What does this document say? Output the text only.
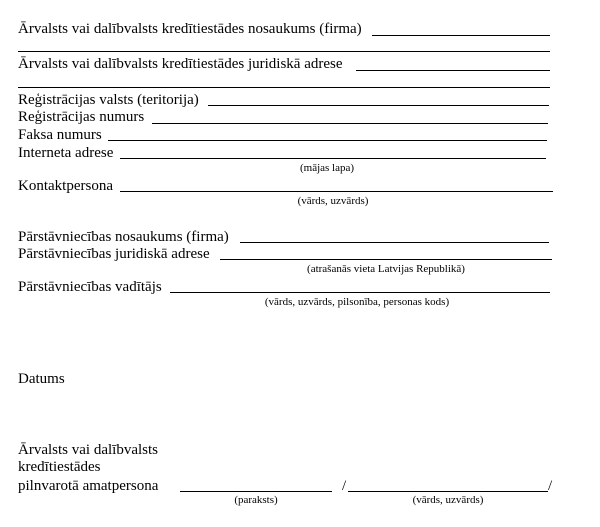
Ārvalsts vai dalībvalsts kredītiestādes nosaukums (firma)
Ārvalsts vai dalībvalsts kredītiestādes juridiskā adrese
Reģistrācijas valsts (teritorija)
Reģistrācijas numurs
Faksa numurs
Interneta adrese
(mājas lapa)
Kontaktpersona
(vārds, uzvārds)
Pārstāvniecības nosaukums (firma)
Pārstāvniecības juridiskā adrese
(atrašanās vieta Latvijas Republikā)
Pārstāvniecības vadītājs
(vārds, uzvārds, pilsonība, personas kods)
Datums
Ārvalsts vai dalībvalsts
kredītiestādes
pilnvarotā amatpersona
(paraksts)
/	/
(vārds, uzvārds)
